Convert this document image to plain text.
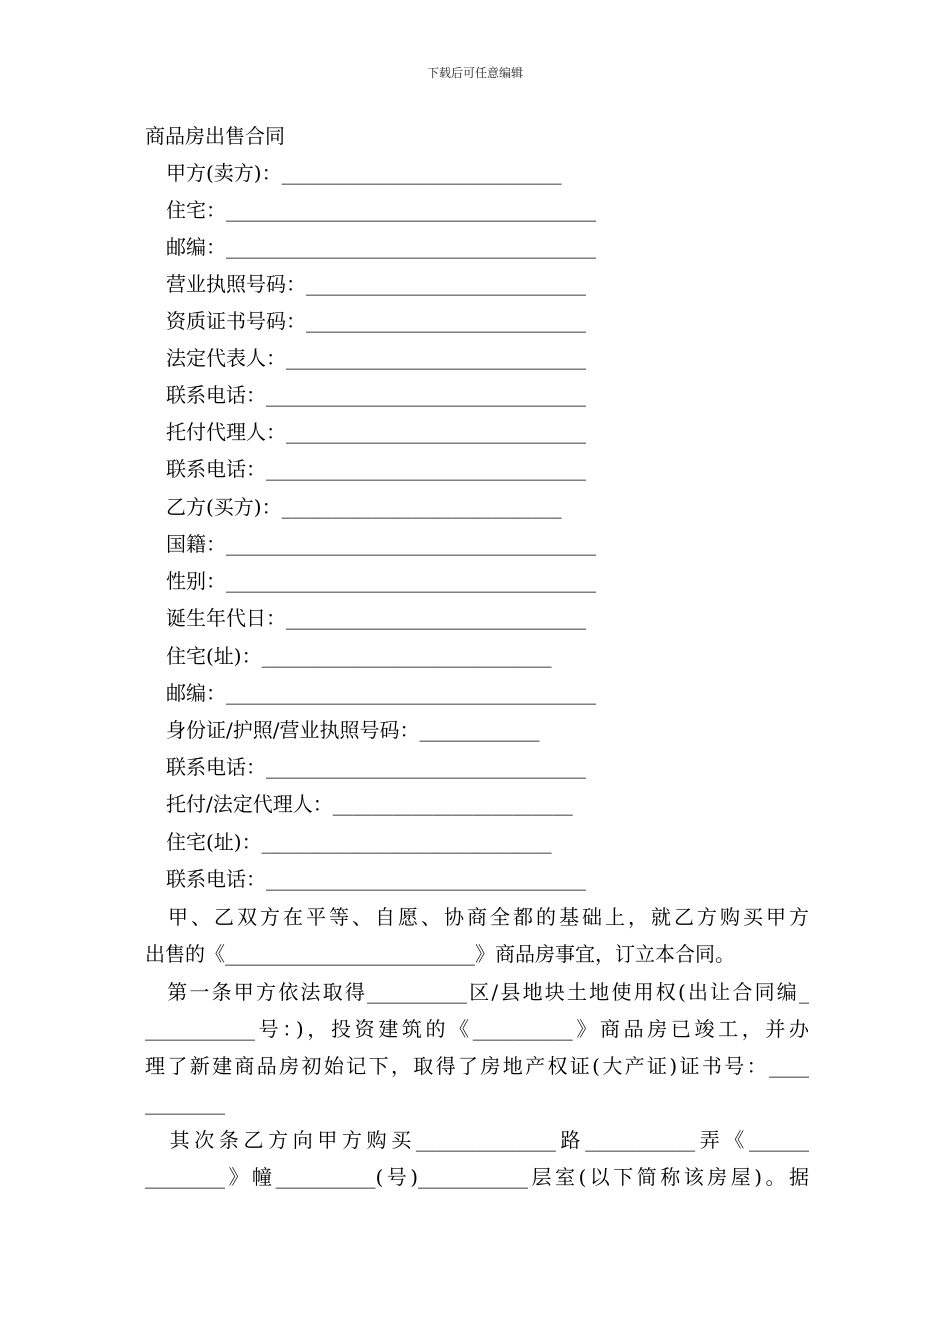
下载后可任意编辑
商品房出售合同
甲方(卖方)：____________________________
住宅：_____________________________________
邮编：_____________________________________
营业执照号码：____________________________
资质证书号码：____________________________
法定代表人：______________________________
联系电话：________________________________
托付代理人：______________________________
联系电话：________________________________
乙方(买方)：____________________________
国籍：_____________________________________
性别：_____________________________________
诞生年代日：______________________________
住宅(址)：_____________________________
邮编：_____________________________________
身份证/护照/营业执照号码：____________
联系电话：________________________________
托付/法定代理人：________________________
住宅(址)：_____________________________
联系电话：________________________________
　甲、乙双方在平等、自愿、协商全都的基础上，就乙方购买甲方
出售的《_________________________》商品房事宜，订立本合同。
　第一条甲方依法取得__________区/县地块土地使用权(出让合同编_
___________号：)，投资建筑的《__________》商品房已竣工，并办
理了新建商品房初始记下，取得了房地产权证(大产证)证书号：____
________
　其次条乙方向甲方购买______________路___________弄《______
________》幢__________(号)___________层室(以下简称该房屋)。据
